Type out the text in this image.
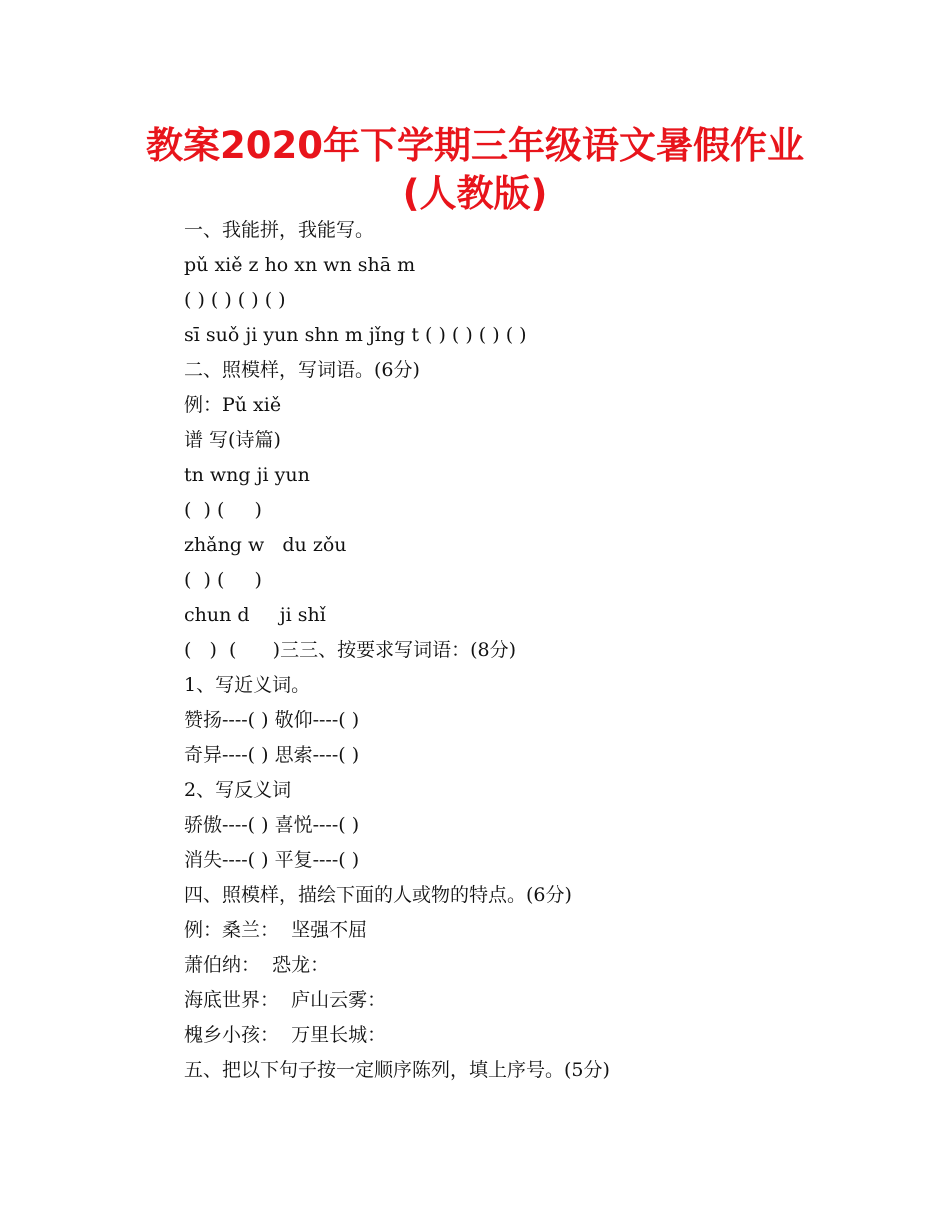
教案2020年下学期三年级语文暑假作业
(人教版)
一、我能拼，我能写。
pǔ xiě z ho xn wn shā m
( ) ( ) ( ) ( )
sī suǒ ji yun shn m jǐng t ( ) ( ) ( ) ( )
二、照模样，写词语。(6分)
例：Pǔ xiě
谱 写(诗篇)
tn wng ji yun
(  ) (     )
zhǎng w   du zǒu
(  ) (     )
chun d     ji shǐ
(   )  (      )三三、按要求写词语：(8分)
1、写近义词。
赞扬----( ) 敬仰----( )
奇异----( ) 思索----( )
2、写反义词
骄傲----( ) 喜悦----( )
消失----( ) 平复----( )
四、照模样，描绘下面的人或物的特点。(6分)
例：桑兰：  坚强不屈
萧伯纳：  恐龙：
海底世界：  庐山云雾：
槐乡小孩：  万里长城：
五、把以下句子按一定顺序陈列，填上序号。(5分)
